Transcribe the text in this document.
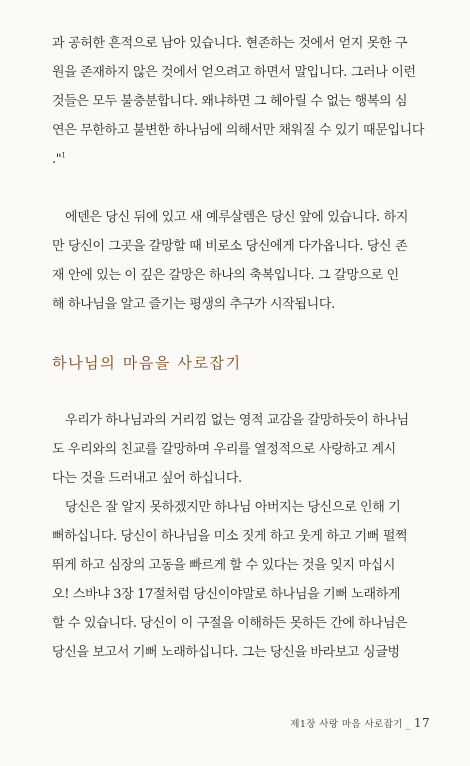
과 공허한 흔적으로 남아 있습니다. 현존하는 것에서 얻지 못한 구
원을 존재하지 않은 것에서 얻으려고 하면서 말입니다. 그러나 이런
것들은 모두 불충분합니다. 왜냐하면 그 헤아릴 수 없는 행복의 심
연은 무한하고 불변한 하나님에 의해서만 채워질 수 있기 때문입니다
."$^1$
에덴은 당신 뒤에 있고 새 예루살렘은 당신 앞에 있습니다. 하지
만 당신이 그곳을 갈망할 때 비로소 당신에게 다가옵니다. 당신 존
재 안에 있는 이 깊은 갈망은 하나의 축복입니다. 그 갈망으로 인
해 하나님을 알고 즐기는 평생의 추구가 시작됩니다.
하나님의 마음을 사로잡기
우리가 하나님과의 거리낌 없는 영적 교감을 갈망하듯이 하나님
도 우리와의 친교를 갈망하며 우리를 열정적으로 사랑하고 계시
다는 것을 드러내고 싶어 하십니다.
당신은 잘 알지 못하겠지만 하나님 아버지는 당신으로 인해 기
뻐하십니다. 당신이 하나님을 미소 짓게 하고 웃게 하고 기뻐 펄쩍
뛰게 하고 심장의 고동을 빠르게 할 수 있다는 것을 잊지 마십시
오! 스바냐 3장 17절처럼 당신이야말로 하나님을 기뻐 노래하게
할 수 있습니다. 당신이 이 구절을 이해하든 못하든 간에 하나님은
당신을 보고서 기뻐 노래하십니다. 그는 당신을 바라보고 싱글벙
제1장 사랑 마음 사로잡기 _ 17
